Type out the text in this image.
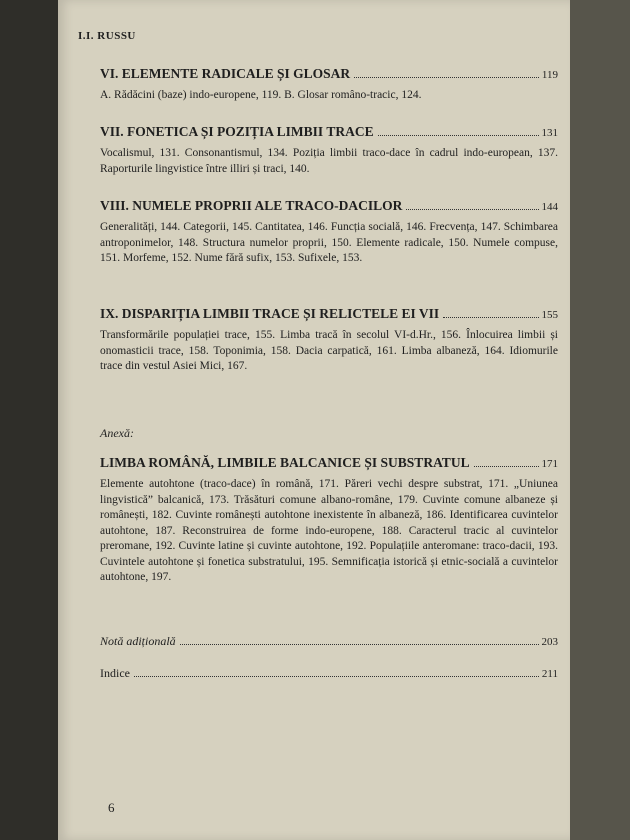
I.I. RUSSU
VI. ELEMENTE RADICALE ȘI GLOSAR	119
A. Rădăcini (baze) indo-europene, 119. B. Glosar româno-tracic, 124.
VII. FONETICA ȘI POZIȚIA LIMBII TRACE	131
Vocalismul, 131. Consonantismul, 134. Poziția limbii traco-dace în cadrul indo-european, 137. Raporturile lingvistice între illiri și traci, 140.
VIII. NUMELE PROPRII ALE TRACO-DACILOR	144
Generalități, 144. Categorii, 145. Cantitatea, 146. Funcția socială, 146. Frecvența, 147. Schimbarea antroponimelor, 148. Structura numelor proprii, 150. Elemente radicale, 150. Numele compuse, 151. Morfeme, 152. Nume fără sufix, 153. Sufixele, 153.
IX. DISPARIȚIA LIMBII TRACE ȘI RELICTELE EI VII	155
Transformările populației trace, 155. Limba tracă în secolul VI-d.Hr., 156. Înlocuirea limbii și onomasticii trace, 158. Toponimia, 158. Dacia carpatică, 161. Limba albaneză, 164. Idiomurile trace din vestul Asiei Mici, 167.
Anexă:
LIMBA ROMÂNĂ, LIMBILE BALCANICE ȘI SUBSTRATUL	171
Elemente autohtone (traco-dace) în română, 171. Păreri vechi despre substrat, 171. „Uniunea lingvistică” balcanică, 173. Trăsături comune albano-române, 179. Cuvinte comune albaneze și românești, 182. Cuvinte românești autohtone inexistente în albaneză, 186. Identificarea cuvintelor autohtone, 187. Reconstruirea de forme indo-europene, 188. Caracterul tracic al cuvintelor preromane, 192. Cuvinte latine și cuvinte autohtone, 192. Populațiile anteromane: traco-dacii, 193. Cuvintele autohtone și fonetica substratului, 195. Semnificația istorică și etnic-socială a cuvintelor autohtone, 197.
Notă adițională	203
Indice	211
6
